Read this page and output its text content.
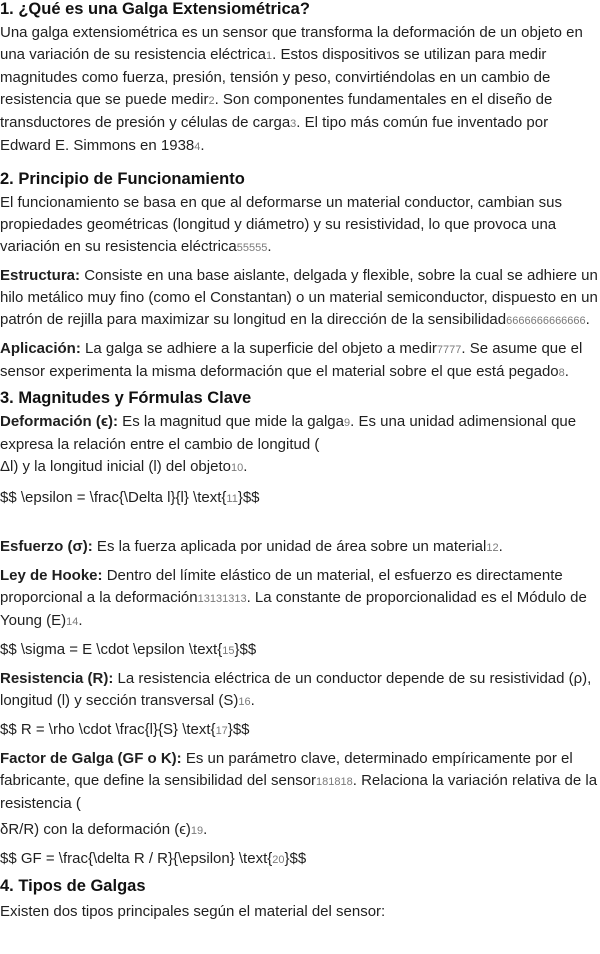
1. ¿Qué es una Galga Extensiométrica?

Una galga extensiométrica es un sensor que transforma la deformación de un objeto en una variación de su resistencia eléctrica1. Estos dispositivos se utilizan para medir magnitudes como fuerza, presión, tensión y peso, convirtiéndolas en un cambio de resistencia que se puede medir2. Son componentes fundamentales en el diseño de transductores de presión y células de carga3. El tipo más común fue inventado por Edward E. Simmons en 19384.

2. Principio de Funcionamiento

El funcionamiento se basa en que al deformarse un material conductor, cambian sus propiedades geométricas (longitud y diámetro) y su resistividad, lo que provoca una variación en su resistencia eléctrica55555.

Estructura: Consiste en una base aislante, delgada y flexible, sobre la cual se adhiere un hilo metálico muy fino (como el Constantan) o un material semiconductor, dispuesto en un patrón de rejilla para maximizar su longitud en la dirección de la sensibilidad6666666666666.

Aplicación: La galga se adhiere a la superficie del objeto a medir7777. Se asume que el sensor experimenta la misma deformación que el material sobre el que está pegado8.

3. Magnitudes y Fórmulas Clave

Deformación (ϵ): Es la magnitud que mide la galga9. Es una unidad adimensional que expresa la relación entre el cambio de longitud (

Δl) y la longitud inicial (l) del objeto10.

$$ \epsilon = \frac{\Delta l}{l} \text{11}$$

Esfuerzo (σ): Es la fuerza aplicada por unidad de área sobre un material12.

Ley de Hooke: Dentro del límite elástico de un material, el esfuerzo es directamente proporcional a la deformación13131313. La constante de proporcionalidad es el Módulo de Young (E)14.

$$ \sigma = E \cdot \epsilon \text{15}$$

Resistencia (R): La resistencia eléctrica de un conductor depende de su resistividad (ρ), longitud (l) y sección transversal (S)16.

$$ R = \rho \cdot \frac{l}{S} \text{17}$$

Factor de Galga (GF o K): Es un parámetro clave, determinado empíricamente por el fabricante, que define la sensibilidad del sensor181818. Relaciona la variación relativa de la resistencia (

δR/R) con la deformación (ϵ)19.

$$ GF = \frac{\delta R / R}{\epsilon} \text{20}$$

4. Tipos de Galgas

Existen dos tipos principales según el material del sensor:
